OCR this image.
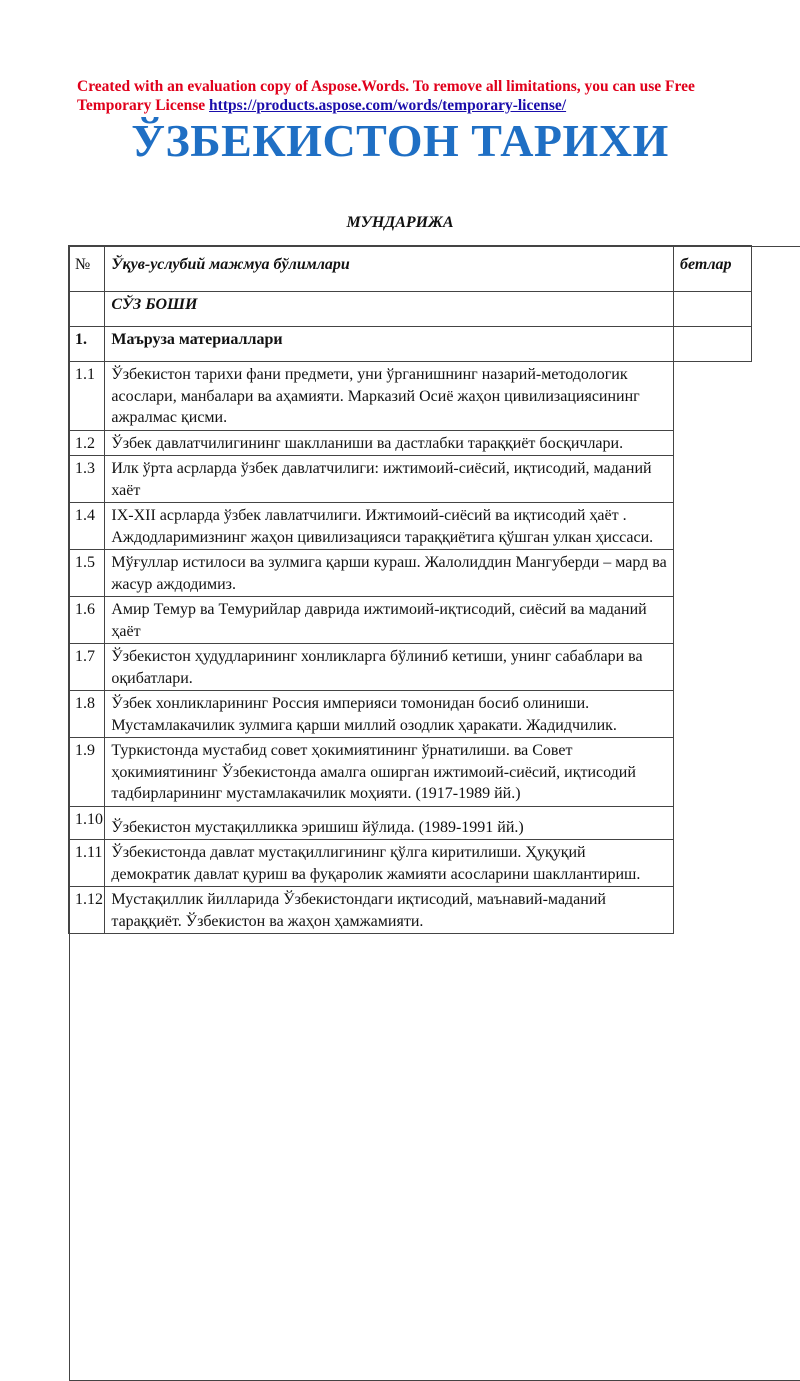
Created with an evaluation copy of Aspose.Words. To remove all limitations, you can use Free Temporary License https://products.aspose.com/words/temporary-license/
ЎЗБЕКИСТОН ТАРИХИ
МУНДАРИЖА
№	Ўқув-услубий мажмуа бўлимлари	бетлар
	СЎЗ БОШИ	
1.	Маъруза материаллари	
1.1	Ўзбекистон тарихи фани предмети, уни ўрганишнинг назарий-методологик асослари, манбалари ва аҳамияти. Марказий Осиё жаҳон цивилизациясининг ажралмас қисми.	

1.2	Ўзбек давлатчилигининг шаклланиши ва дастлабки тараққиёт босқичлари.	

1.3	Илк ўрта асрларда ўзбек давлатчилиги: ижтимоий-сиёсий, иқтисодий, маданий хаёт	

1.4	IX-XII асрларда ўзбек лавлатчилиги. Ижтимоий-сиёсий ва иқтисодий ҳаёт . Аждодларимизнинг жаҳон цивилизацияси тараққиётига қўшган улкан ҳиссаси.	

1.5	Мўғуллар истилоси ва зулмига қарши кураш. Жалолиддин Мангуберди – мард ва жасур аждодимиз.	

1.6	Амир Темур ва Темурийлар даврида ижтимоий-иқтисодий, сиёсий ва маданий ҳаёт	

1.7	Ўзбекистон ҳудудларининг хонликларга бўлиниб кетиши, унинг сабаблари ва оқибатлари.	

1.8	Ўзбек хонликларининг Россия империяси томонидан босиб олиниши. Мустамлакачилик зулмига қарши миллий озодлик ҳаракати. Жадидчилик.	

1.9	Туркистонда мустабид совет ҳокимиятининг ўрнатилиши. ва Совет ҳокимиятининг Ўзбекистонда амалга оширган ижтимоий-сиёсий, иқтисодий тадбирларининг мустамлакачилик моҳияти. (1917-1989 йй.)	

1.10	Ўзбекистон мустақилликка эришиш йўлида. (1989-1991 йй.)	

1.11	Ўзбекистонда давлат мустақиллигининг қўлга киритилиши. Ҳуқуқий демократик давлат қуриш ва фуқаролик жамияти асосларини шакллантириш.	

1.12	Мустақиллик йилларида Ўзбекистондаги иқтисодий, маънавий-маданий тараққиёт. Ўзбекистон ва жаҳон ҳамжамияти.	
